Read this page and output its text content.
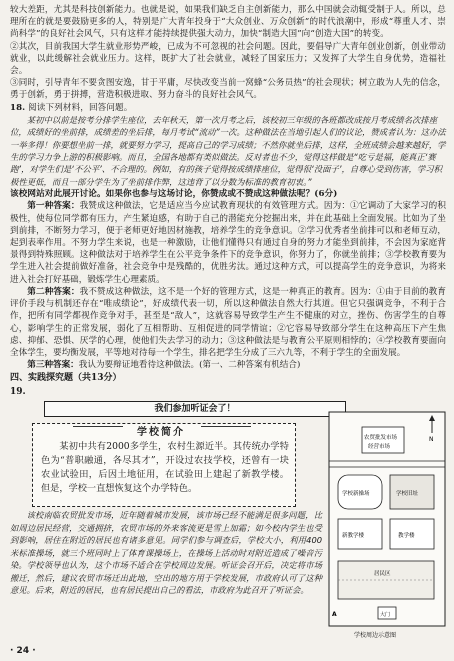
较大差距，尤其是科技创新能力。也就是说，如果我们缺乏自主创新能力，那么中国就会动辄受制于人。所以，总理所在的就是要鼓励更多的人，特别是广大青年投身于“大众创业、万众创新”的时代浪潮中，形成“尊重人才、崇尚科学”的良好社会风气，只有这样才能持续提供强大动力，加快“制造大国”向“创造大国”的转变。

②其次，目前我国大学生就业形势严峻，已成为不可忽视的社会问题。因此，要倡导广大青年创业创新，创业带动就业，以此缓解社会就业压力。这样，既扩大了社会就业，减轻了国家压力；又发挥了大学生自身优势，造福社会。

③同时，引导青年不要贪图安逸，甘于平庸，尽快改变当前一窝蜂“公务员热”的社会现状；树立敢为人先的信念，勇于创新，勇于拼搏，营造积极进取、努力奋斗的良好社会风气。

18. 阅读下列材料，回答问题。

某初中以前是按考分排学生座位，去年秋天，第一次月考之后，该校初三年级的各班都改成按月考成绩名次排座位，成绩好的坐前排，成绩差的坐后排，每月考试“流动”一次。这种做法在当地引起人们的议论，赞成者认为：这办法一举多得！你要想坐前一排，就要努力学习，提高自己的学习成绩；不然你就坐后排，这样，全班成绩会越来越好，学生的学习力争上游的积极影响。而且，全国各地都有类似做法。反对者也不少，觉得这样做是“吃亏是福，能真正‘赛跑’，对学生们是‘不公平’、不合理的。例如，有的孩子觉得按成绩排座位，觉得很‘没面子’，自尊心受到伤害，学习积极性更低，而且一部分学生为了坐前排作弊，这违背了以分数为标准的教育初衷。”

该校网站对此展开讨论。如果你也参与这场讨论，你赞成或不赞成这种做法呢？(6分)

第一种答案：我赞成这种做法，它是适应当今应试教育现状的有效管理方式。因为：①它调动了大家学习的积极性，使每位同学都有压力，产生紧迫感，有助于自己的潜能充分挖掘出来，并在此基础上全面发展。比如为了坐到前排，不断努力学习，便于老师更好地因材施教，培养学生的竞争意识。②学习优秀者坐前排可以和老师互动，起到表率作用。不努力学生来说，也是一种激励，让他们懂得只有通过自身的努力才能坐到前排，不会因为家庭背景得到特殊照顾。这种做法对于培养学生在公平竞争条件下的竞争意识，你努力了，你就坐前排；③学校教育要为学生进入社会提前做好准备，社会竞争中是残酷的，优胜劣汰。通过这种方式，可以提高学生的竞争意识，为将来进入社会打好基础，锻炼学生心理素质。

第二种答案：我不赞成这种做法，这不是一个好的管理方式，这是一种真正的教育。因为：①由于目前的教育评价手段与机制还存在“唯成绩论”，好成绩代表一切，所以这种做法自然大行其道。但它只强调竞争，不利于合作，把所有同学都视作竞争对手，甚至是“敌人”，这就容易导致学生产生不健康的对立，挫伤、伤害学生的自尊心，影响学生的正常发展，弱化了互相帮助、互相促进的同学情谊；②它容易导致部分学生在这种高压下产生焦虑、抑郁、恐惧、厌学的心理，使他们失去学习的动力；③这种做法是与教育公平原则相悖的；④学校教育要面向全体学生，要均衡发展，平等地对待每一个学生，排名把学生分成了三六九等，不利于学生的全面发展。

第三种答案：我认为要辩证地看待这种做法。(第一、二种答案有机结合)

四、实践探究题（共13分）

19.

我们参加听证会了！
学校简介

某初中共有2000多学生，农村生源近半。其传统办学特色为“普职融通，各尽其才”，开设过农技学校，还曾有一块农业试验田，后因土地征用，在试验田上建起了新教学楼。但是，学校一直想恢复这个办学特色。

该校南临农贸批发市场，近年随着城市发展，该市场已经不能满足很多问题，比如周边居民经营，交通拥挤，农贸市场的外来客流更是雪上加霜；如今校内学生也受到影响，居住在附近的居民也有诸多意见。同学们参与调查后，学校大小，利用400米标准操场，就三个班同时上了体育课操场上，在操场上活动时对附近造成了噪音污染。学校领导也认为，这个市场不适合在学校周边发展。听证会召开后，决定将市场搬迁，然后，建议农贸市场迁出此地，空出的地方用于学校发展，市政府认可了这种意见。后来，附近的居民，也有居民提出自己的看法，市政府为此召开了听证会。

N
农贸批发市场
经营市场
学校新操场	学校旧址
新教学楼	教学楼
居民区
大门
A
学校周边示意图
· 24 ·
